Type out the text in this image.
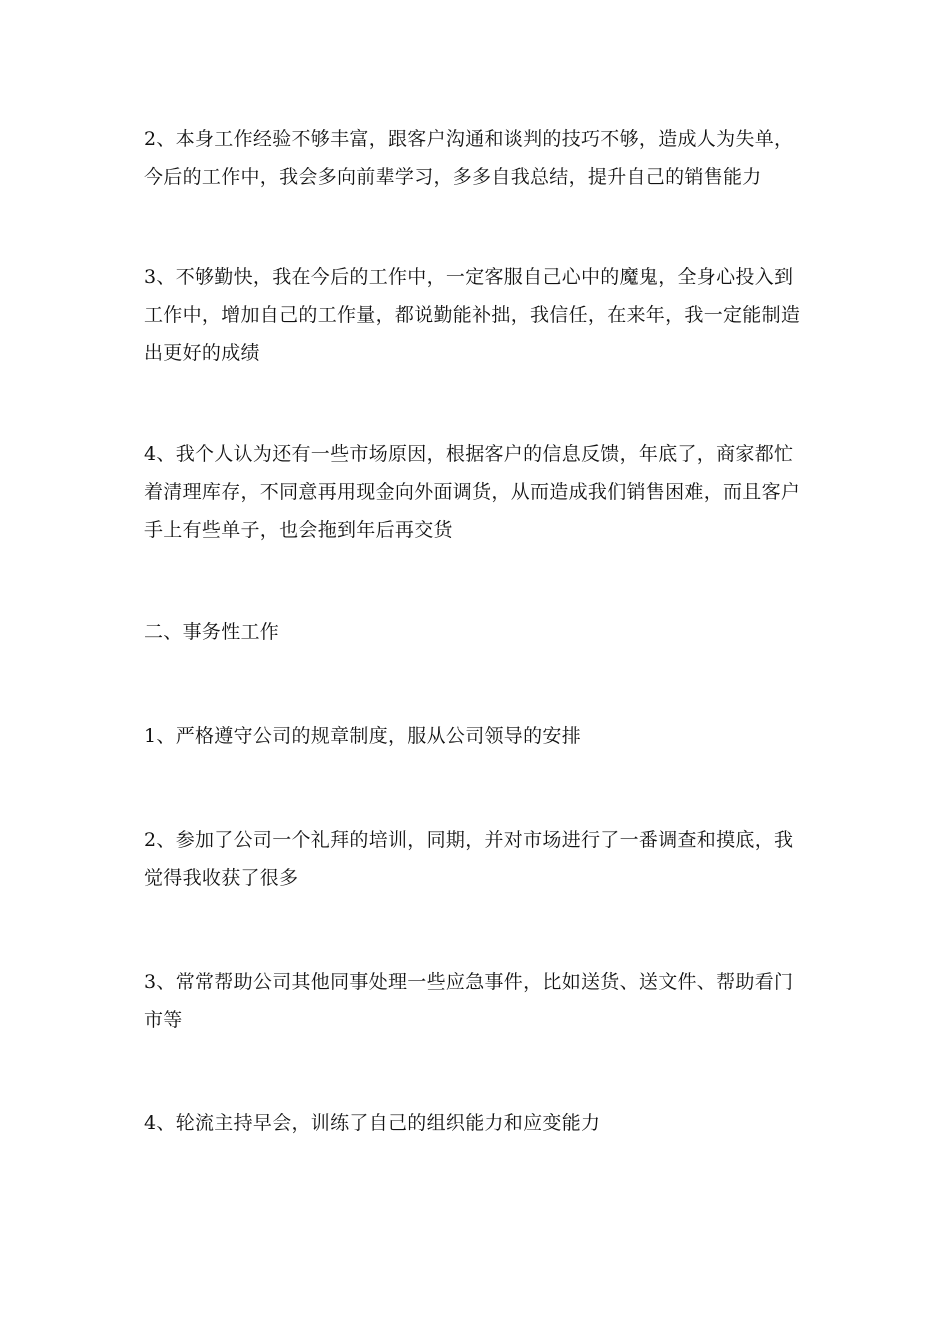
2、本身工作经验不够丰富，跟客户沟通和谈判的技巧不够，造成人为失单，
今后的工作中，我会多向前辈学习，多多自我总结，提升自己的销售能力

3、不够勤快，我在今后的工作中，一定客服自己心中的魔鬼，全身心投入到
工作中，增加自己的工作量，都说勤能补拙，我信任，在来年，我一定能制造
出更好的成绩

4、我个人认为还有一些市场原因，根据客户的信息反馈，年底了，商家都忙
着清理库存，不同意再用现金向外面调货，从而造成我们销售困难，而且客户
手上有些单子，也会拖到年后再交货

二、事务性工作

1、严格遵守公司的规章制度，服从公司领导的安排

2、参加了公司一个礼拜的培训，同期，并对市场进行了一番调查和摸底，我
觉得我收获了很多

3、常常帮助公司其他同事处理一些应急事件，比如送货、送文件、帮助看门
市等

4、轮流主持早会，训练了自己的组织能力和应变能力
